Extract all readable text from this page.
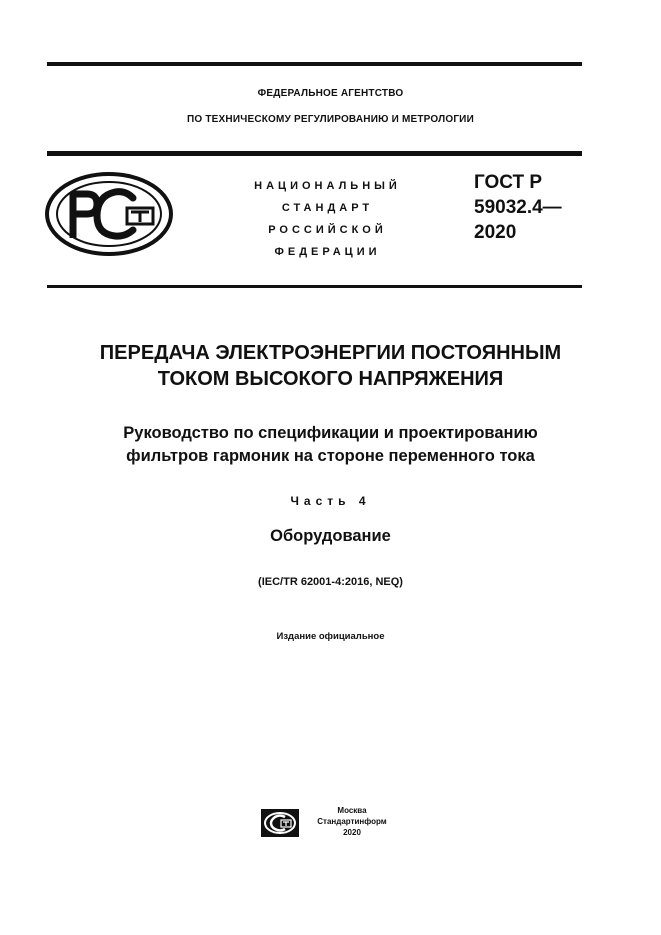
ФЕДЕРАЛЬНОЕ АГЕНТСТВО
ПО ТЕХНИЧЕСКОМУ РЕГУЛИРОВАНИЮ И МЕТРОЛОГИИ
НАЦИОНАЛЬНЫЙ
СТАНДАРТ
РОССИЙСКОЙ
ФЕДЕРАЦИИ
ГОСТ Р
59032.4—
2020
ПЕРЕДАЧА ЭЛЕКТРОЭНЕРГИИ ПОСТОЯННЫМ
ТОКОМ ВЫСОКОГО НАПРЯЖЕНИЯ
Руководство по спецификации и проектированию
фильтров гармоник на стороне переменного тока
Часть 4
Оборудование
(IEC/TR 62001-4:2016, NEQ)
Издание официальное
Москва
Стандартинформ
2020
